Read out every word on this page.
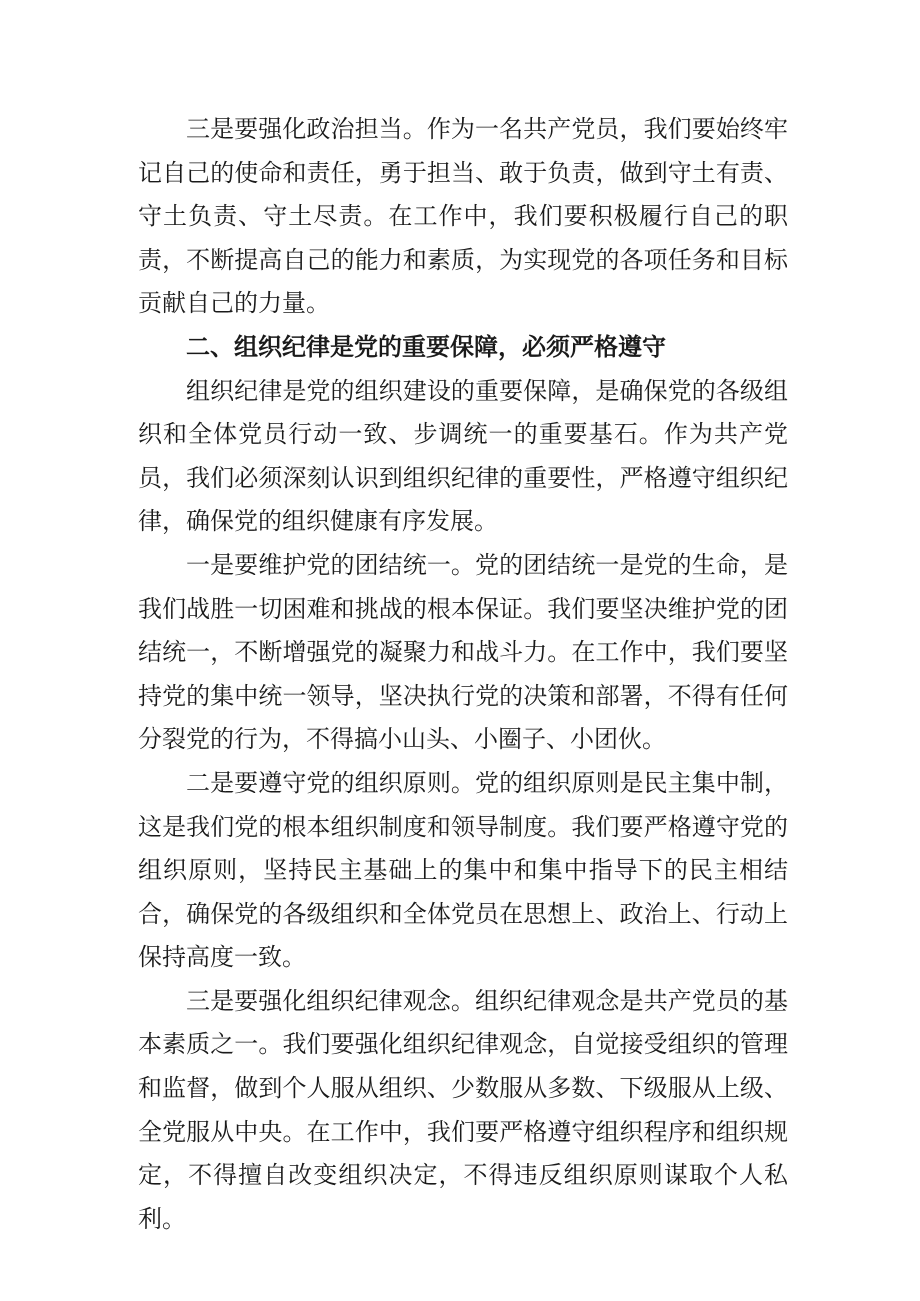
三是要强化政治担当。作为一名共产党员，我们要始终牢记自己的使命和责任，勇于担当、敢于负责，做到守土有责、守土负责、守土尽责。在工作中，我们要积极履行自己的职责，不断提高自己的能力和素质，为实现党的各项任务和目标贡献自己的力量。

二、组织纪律是党的重要保障，必须严格遵守

组织纪律是党的组织建设的重要保障，是确保党的各级组织和全体党员行动一致、步调统一的重要基石。作为共产党员，我们必须深刻认识到组织纪律的重要性，严格遵守组织纪律，确保党的组织健康有序发展。

一是要维护党的团结统一。党的团结统一是党的生命，是我们战胜一切困难和挑战的根本保证。我们要坚决维护党的团结统一，不断增强党的凝聚力和战斗力。在工作中，我们要坚持党的集中统一领导，坚决执行党的决策和部署，不得有任何分裂党的行为，不得搞小山头、小圈子、小团伙。

二是要遵守党的组织原则。党的组织原则是民主集中制，这是我们党的根本组织制度和领导制度。我们要严格遵守党的组织原则，坚持民主基础上的集中和集中指导下的民主相结合，确保党的各级组织和全体党员在思想上、政治上、行动上保持高度一致。

三是要强化组织纪律观念。组织纪律观念是共产党员的基本素质之一。我们要强化组织纪律观念，自觉接受组织的管理和监督，做到个人服从组织、少数服从多数、下级服从上级、全党服从中央。在工作中，我们要严格遵守组织程序和组织规定，不得擅自改变组织决定，不得违反组织原则谋取个人私利。
